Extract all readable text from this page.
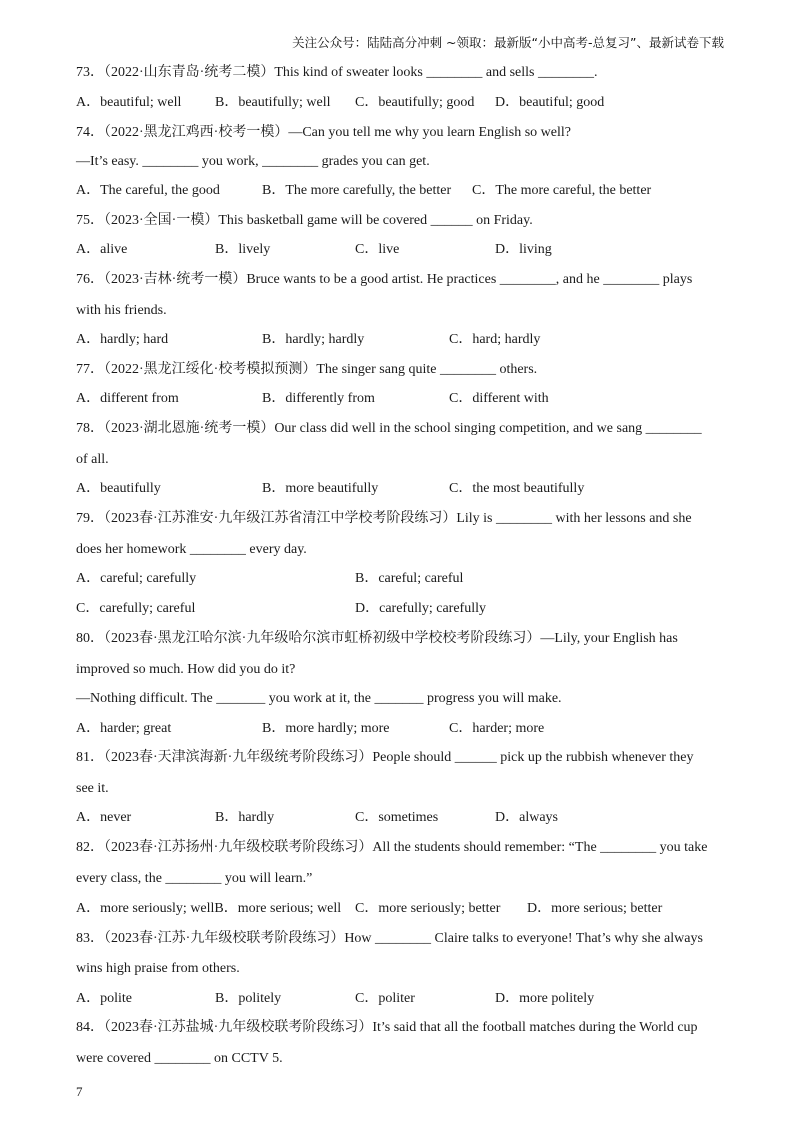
关注公众号：陆陆高分冲刺 ~领取：最新版“小中高考-总复习”、最新试卷下载
73．（2022·山东青岛·统考二模）This kind of sweater looks ________ and sells ________.
A．beautiful; well B．beautifully; well C．beautifully; good D．beautiful; good
74．（2022·黑龙江鸡西·校考一模）—Can you tell me why you learn English so well?
—It’s easy. ________ you work, ________ grades you can get.
A．The careful, the good	B．The more carefully, the better C．The more careful, the better
75．（2023·全国·一模）This basketball game will be covered ______ on Friday.
A．alive	B．lively	C．live	D．living
76．（2023·吉林·统考一模）Bruce wants to be a good artist. He practices ________, and he ________ plays
with his friends.
A．hardly; hard	B．hardly; hardly	C．hard; hardly
77．（2022·黑龙江绥化·校考模拟预测）The singer sang quite ________ others.
A．different from	B．differently from	C．different with
78．（2023·湖北恩施·统考一模）Our class did well in the school singing competition, and we sang ________
of all.
A．beautifully	B．more beautifully	C．the most beautifully
79．（2023春·江苏淮安·九年级江苏省清江中学校考阶段练习）Lily is ________ with her lessons and she
does her homework ________ every day.
A．careful; carefully	B．careful; careful
C．carefully; careful	D．carefully; carefully
80．（2023春·黑龙江哈尔滨·九年级哈尔滨市虹桥初级中学校校考阶段练习）—Lily, your English has
improved so much. How did you do it?
—Nothing difficult. The _______ you work at it, the _______ progress you will make.
A．harder; great	B．more hardly; more	C．harder; more
81．（2023春·天津滨海新·九年级统考阶段练习）People should ______ pick up the rubbish whenever they
see it.
A．never	B．hardly	C．sometimes	D．always
82．（2023春·江苏扬州·九年级校联考阶段练习）All the students should remember: “The ________ you take
every class, the ________ you will learn.”
A．more seriously; wellB．more serious; well C．more seriously; better D．more serious; better
83．（2023春·江苏·九年级校联考阶段练习）How ________ Claire talks to everyone! That’s why she always
wins high praise from others.
A．polite	B．politely	C．politer	D．more politely
84．（2023春·江苏盐城·九年级校联考阶段练习）It’s said that all the football matches during the World cup
were covered ________ on CCTV 5.
7
